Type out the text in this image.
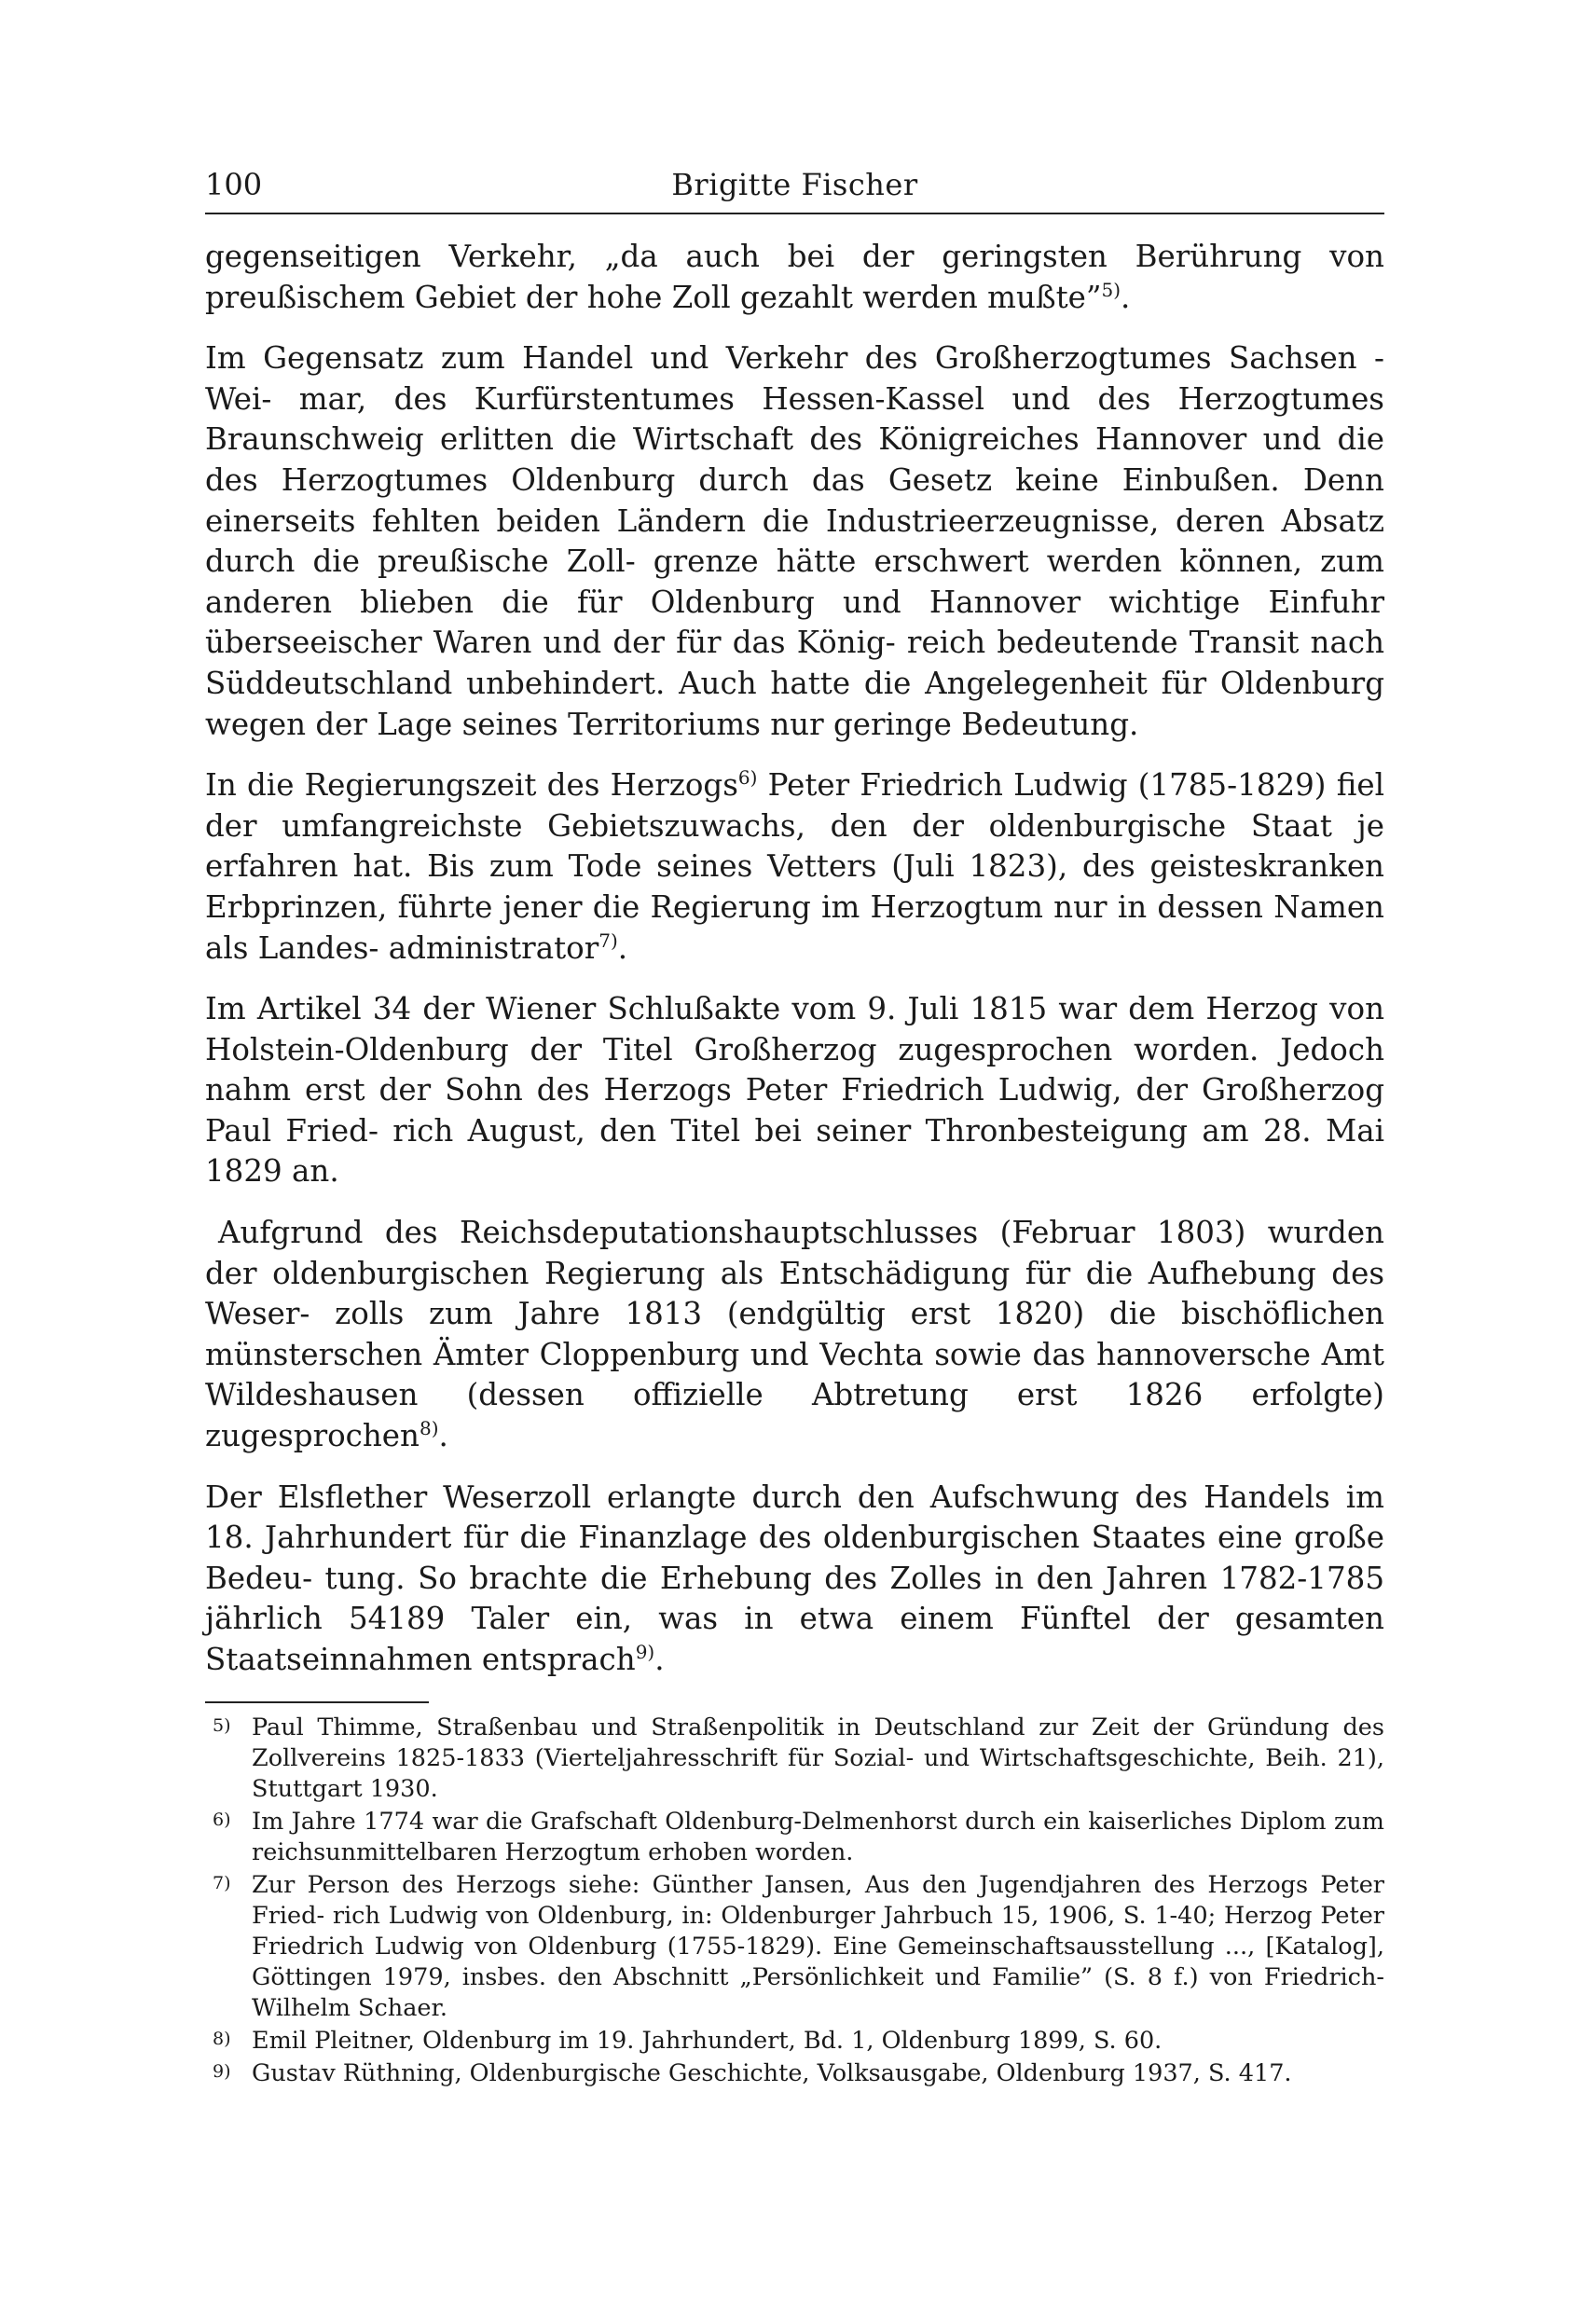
100	Brigitte Fischer

gegenseitigen Verkehr, „da auch bei der geringsten Berührung von preußischem Gebiet der hohe Zoll gezahlt werden mußte”$^{5)}$.

Im Gegensatz zum Handel und Verkehr des Großherzogtumes Sachsen - Wei- mar, des Kurfürstentumes Hessen-Kassel und des Herzogtumes Braunschweig erlitten die Wirtschaft des Königreiches Hannover und die des Herzogtumes Oldenburg durch das Gesetz keine Einbußen. Denn einerseits fehlten beiden Ländern die Industrieerzeugnisse, deren Absatz durch die preußische Zoll- grenze hätte erschwert werden können, zum anderen blieben die für Oldenburg und Hannover wichtige Einfuhr überseeischer Waren und der für das König- reich bedeutende Transit nach Süddeutschland unbehindert. Auch hatte die Angelegenheit für Oldenburg wegen der Lage seines Territoriums nur geringe Bedeutung.

In die Regierungszeit des Herzogs$^{6)}$ Peter Friedrich Ludwig (1785-1829) fiel der umfangreichste Gebietszuwachs, den der oldenburgische Staat je erfahren hat. Bis zum Tode seines Vetters (Juli 1823), des geisteskranken Erbprinzen, führte jener die Regierung im Herzogtum nur in dessen Namen als Landes- administrator$^{7)}$.

Im Artikel 34 der Wiener Schlußakte vom 9. Juli 1815 war dem Herzog von Holstein-Oldenburg der Titel Großherzog zugesprochen worden. Jedoch nahm erst der Sohn des Herzogs Peter Friedrich Ludwig, der Großherzog Paul Fried- rich August, den Titel bei seiner Thronbesteigung am 28. Mai 1829 an.

Aufgrund des Reichsdeputationshauptschlusses (Februar 1803) wurden der oldenburgischen Regierung als Entschädigung für die Aufhebung des Weser- zolls zum Jahre 1813 (endgültig erst 1820) die bischöflichen münsterschen Ämter Cloppenburg und Vechta sowie das hannoversche Amt Wildeshausen (dessen offizielle Abtretung erst 1826 erfolgte) zugesprochen$^{8)}$.

Der Elsflether Weserzoll erlangte durch den Aufschwung des Handels im 18. Jahrhundert für die Finanzlage des oldenburgischen Staates eine große Bedeu- tung. So brachte die Erhebung des Zolles in den Jahren 1782-1785 jährlich 54189 Taler ein, was in etwa einem Fünftel der gesamten Staatseinnahmen entsprach$^{9)}$.

5) Paul Thimme, Straßenbau und Straßenpolitik in Deutschland zur Zeit der Gründung des Zollvereins 1825-1833 (Vierteljahresschrift für Sozial- und Wirtschaftsgeschichte, Beih. 21), Stuttgart 1930.
6) Im Jahre 1774 war die Grafschaft Oldenburg-Delmenhorst durch ein kaiserliches Diplom zum reichsunmittelbaren Herzogtum erhoben worden.
7) Zur Person des Herzogs siehe: Günther Jansen, Aus den Jugendjahren des Herzogs Peter Fried- rich Ludwig von Oldenburg, in: Oldenburger Jahrbuch 15, 1906, S. 1-40; Herzog Peter Friedrich Ludwig von Oldenburg (1755-1829). Eine Gemeinschaftsausstellung ..., [Katalog], Göttingen 1979, insbes. den Abschnitt „Persönlichkeit und Familie” (S. 8 f.) von Friedrich-Wilhelm Schaer.
8) Emil Pleitner, Oldenburg im 19. Jahrhundert, Bd. 1, Oldenburg 1899, S. 60.
9) Gustav Rüthning, Oldenburgische Geschichte, Volksausgabe, Oldenburg 1937, S. 417.
